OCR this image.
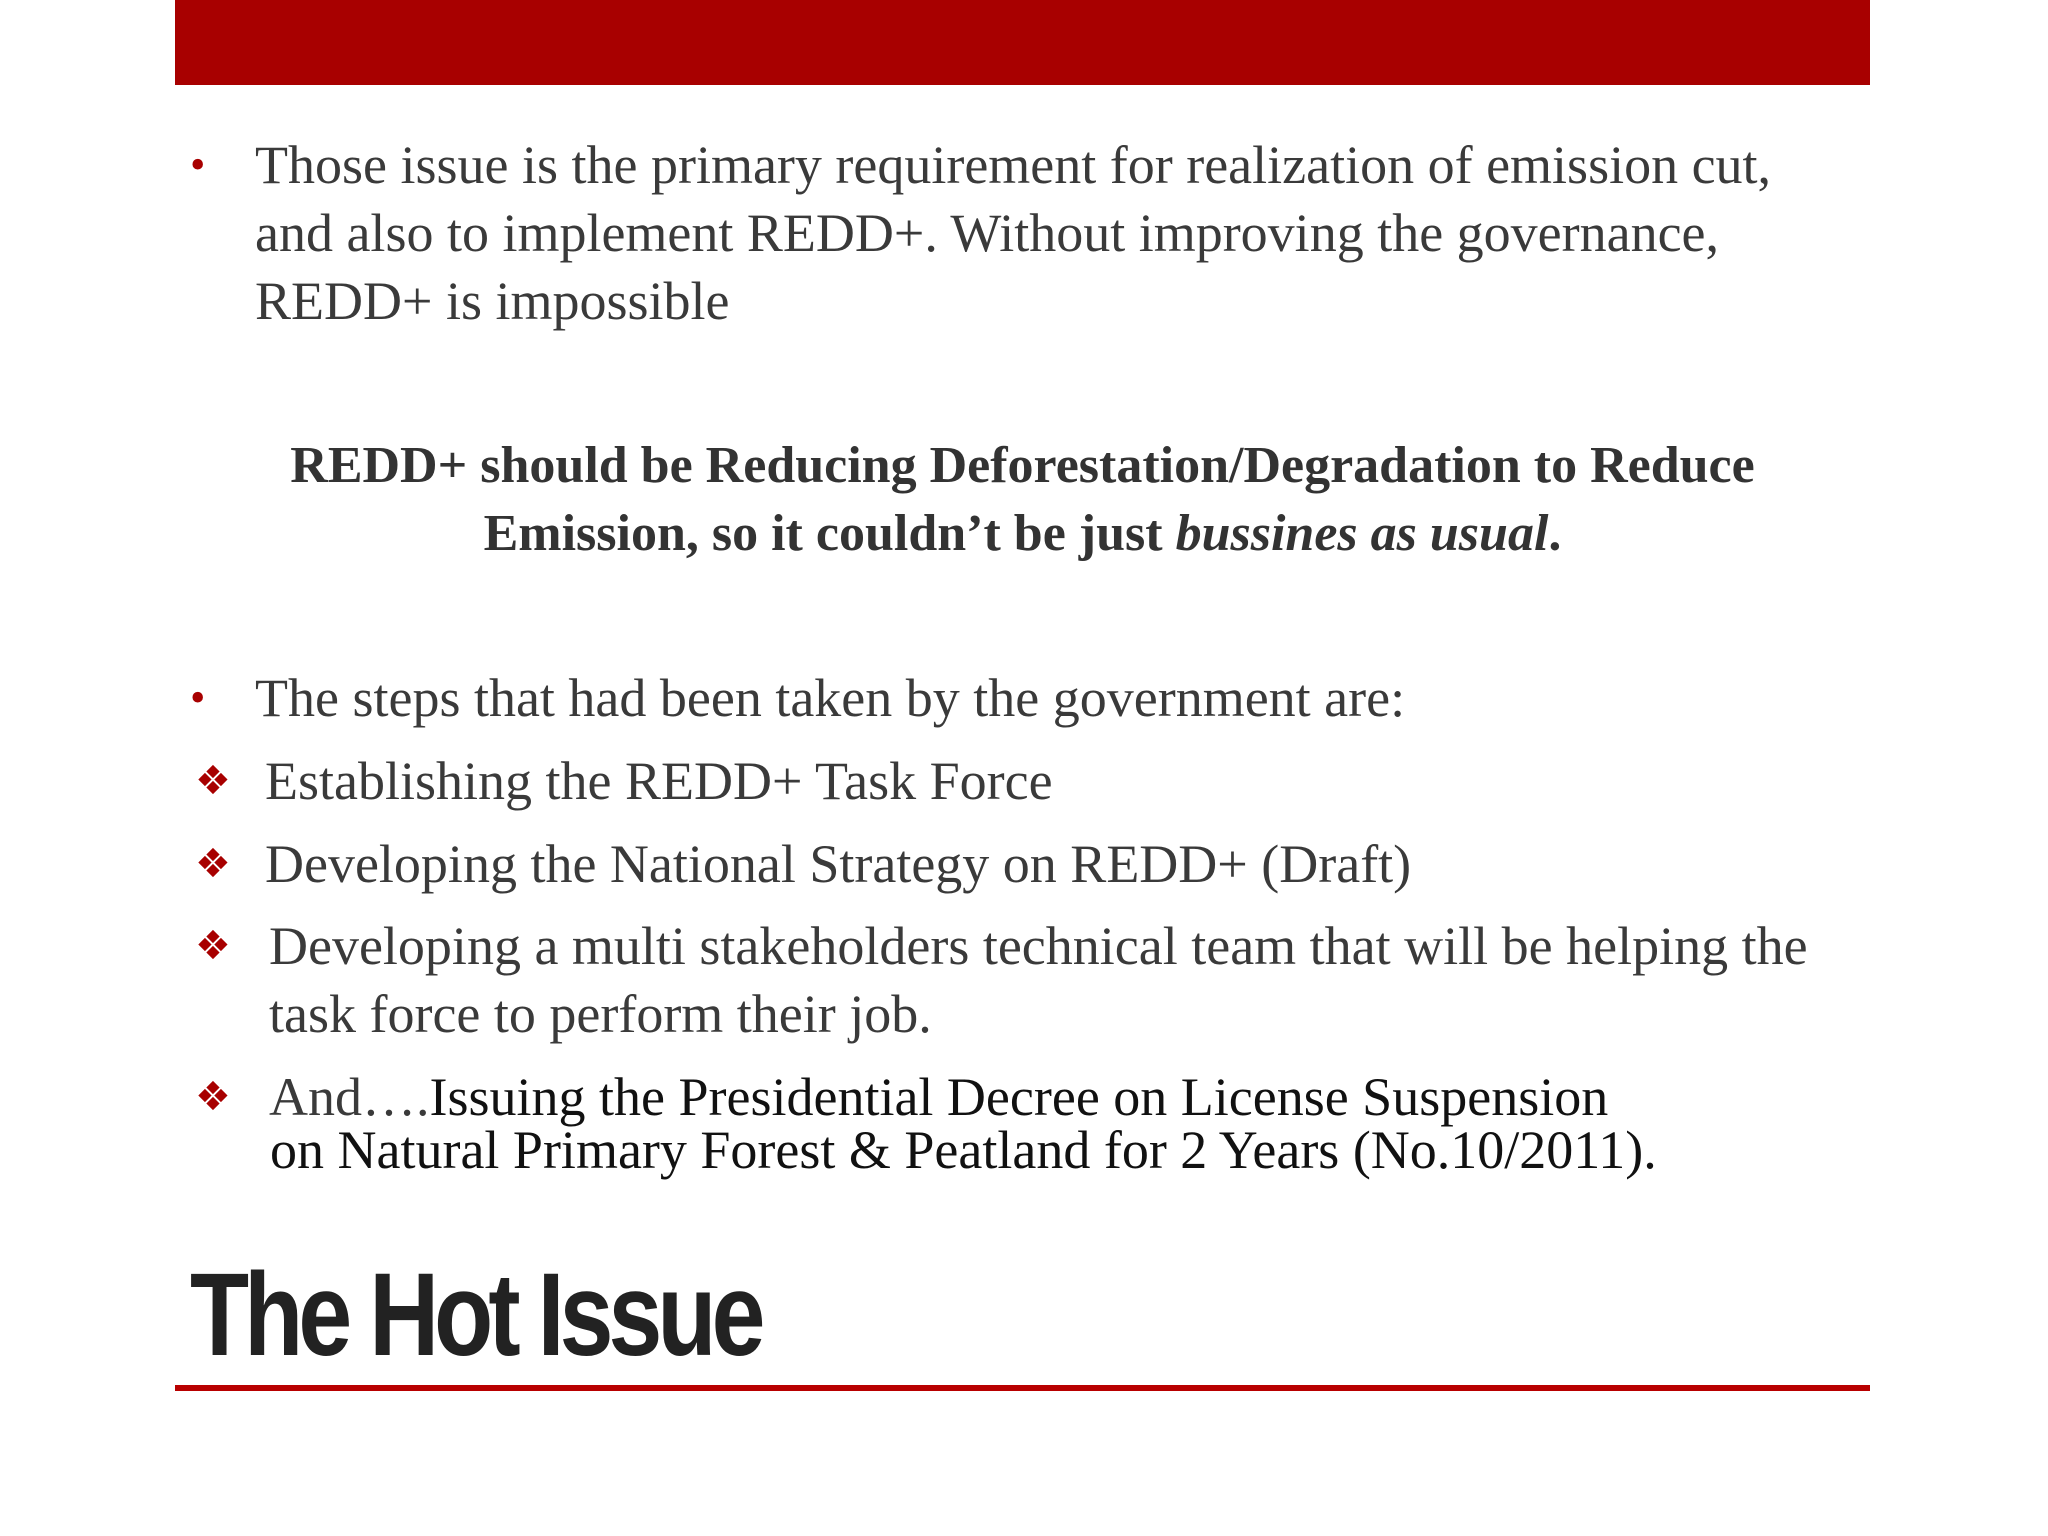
• Those issue is the primary requirement for realization of emission cut, and also to implement REDD+. Without improving the governance, REDD+ is impossible
REDD+ should be Reducing Deforestation/Degradation to Reduce
Emission, so it couldn’t be just bussines as usual.
• The steps that had been taken by the government are:
❖ Establishing the REDD+ Task Force
❖ Developing the National Strategy on REDD+ (Draft)
❖ Developing a multi stakeholders technical team that will be helping the task force to perform their job.
❖ And….Issuing the Presidential Decree on License Suspension
on Natural Primary Forest & Peatland for 2 Years (No.10/2011).
The Hot Issue
